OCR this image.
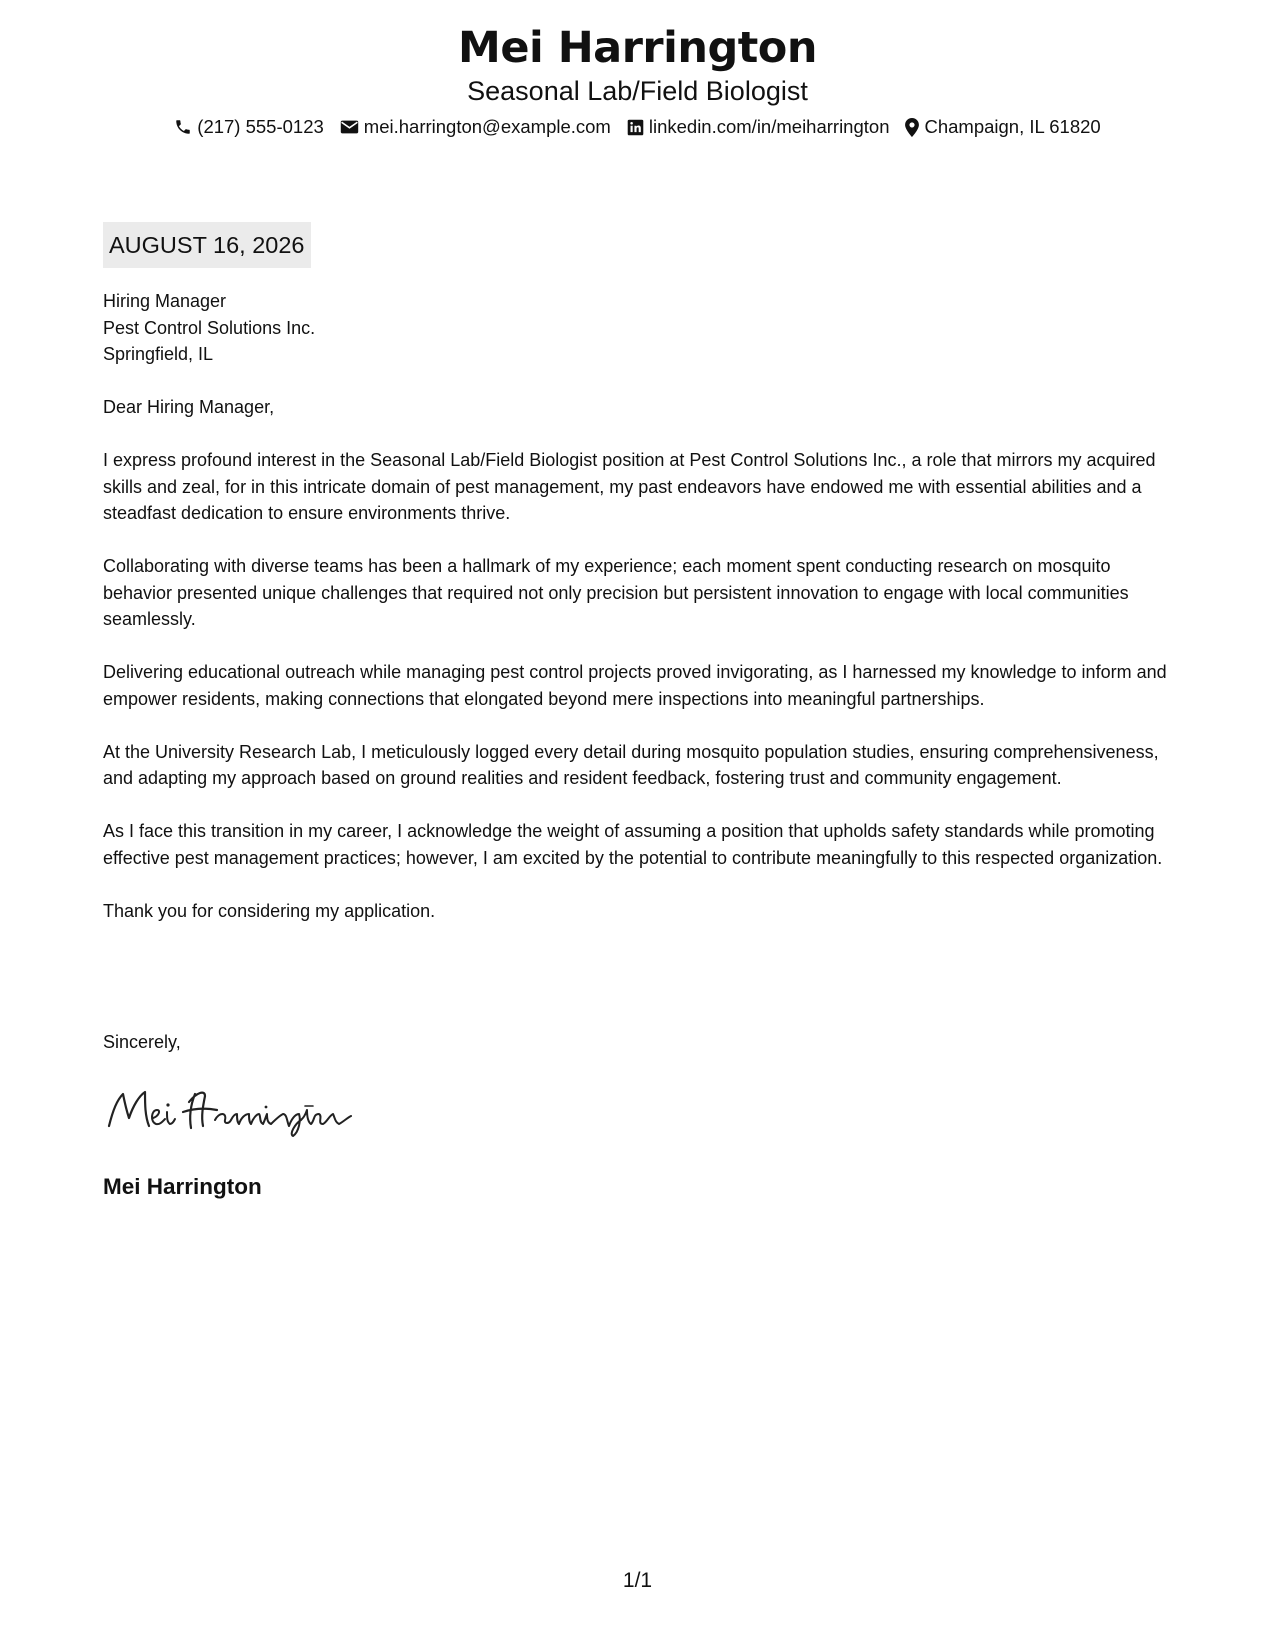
Mei Harrington
Seasonal Lab/Field Biologist
(217) 555-0123 mei.harrington@example.com linkedin.com/in/meiharrington Champaign, IL 61820
AUGUST 16, 2026
Hiring Manager
Pest Control Solutions Inc.
Springfield, IL

Dear Hiring Manager,

I express profound interest in the Seasonal Lab/Field Biologist position at Pest Control Solutions Inc., a role that mirrors my acquired skills and zeal, for in this intricate domain of pest management, my past endeavors have endowed me with essential abilities and a steadfast dedication to ensure environments thrive.

Collaborating with diverse teams has been a hallmark of my experience; each moment spent conducting research on mosquito behavior presented unique challenges that required not only precision but persistent innovation to engage with local communities seamlessly.

Delivering educational outreach while managing pest control projects proved invigorating, as I harnessed my knowledge to inform and empower residents, making connections that elongated beyond mere inspections into meaningful partnerships.

At the University Research Lab, I meticulously logged every detail during mosquito population studies, ensuring comprehensiveness, and adapting my approach based on ground realities and resident feedback, fostering trust and community engagement.

As I face this transition in my career, I acknowledge the weight of assuming a position that upholds safety standards while promoting effective pest management practices; however, I am excited by the potential to contribute meaningfully to this respected organization.

Thank you for considering my application.

Sincerely,
Mei Harrington
1/1
